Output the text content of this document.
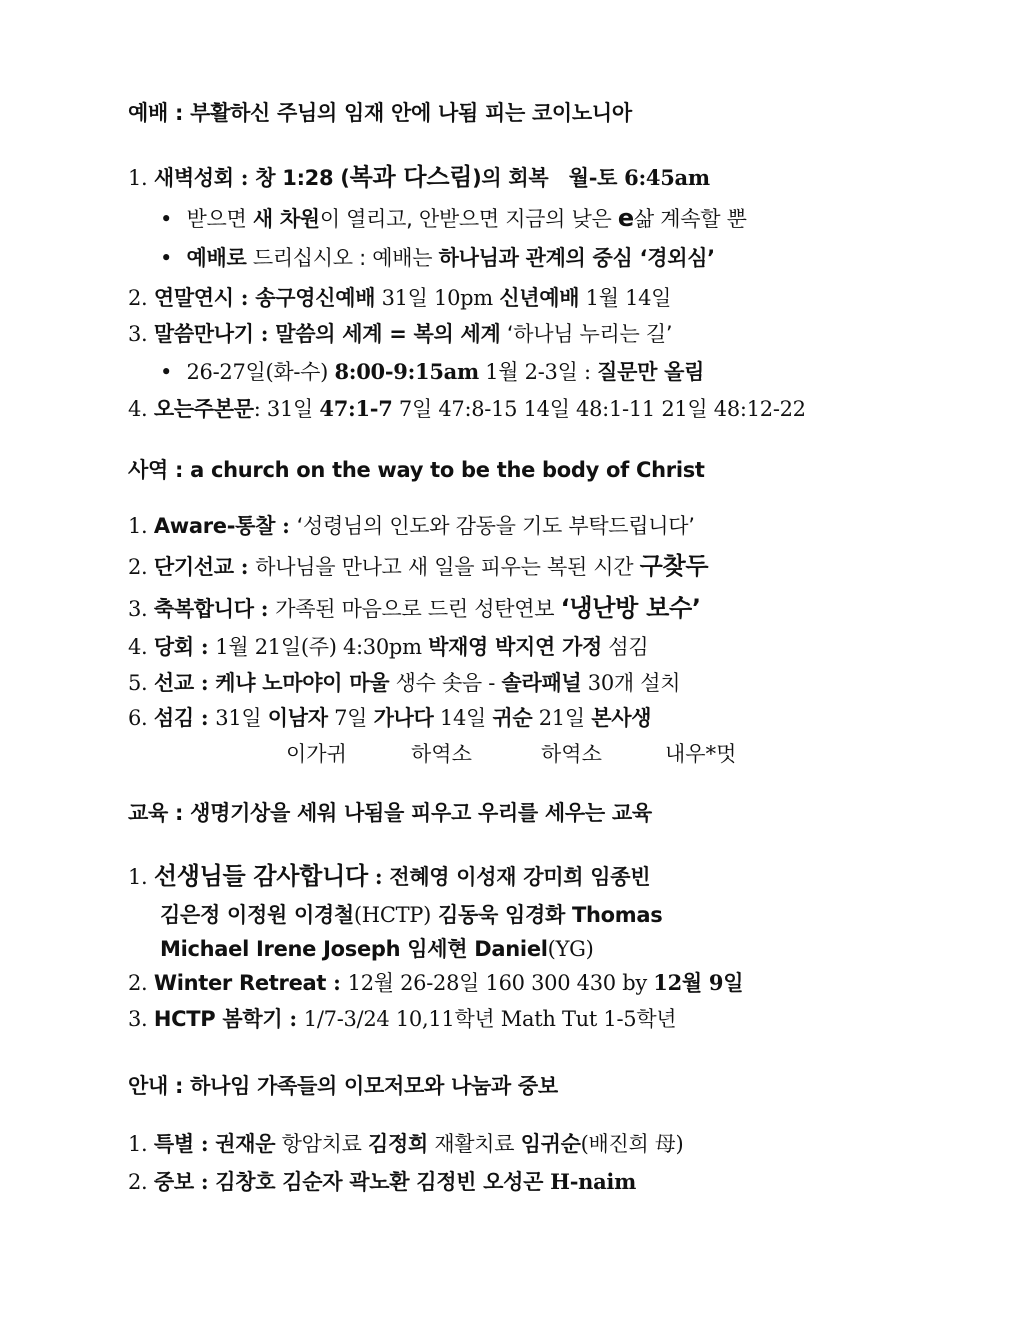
예배 : 부활하신 주님의 임재 안에 나됨 피는 코이노니아
1. 새벽성회 : 창 1:28 (복과 다스림)의 회복 월-토 6:45am
• 받으면 새 차원이 열리고, 안받으면 지금의 낮은 e삶 계속할 뿐
• 예배로 드리십시오 : 예배는 하나님과 관계의 중심 ‘경외심’
2. 연말연시 : 송구영신예배 31일 10pm 신년예배 1월 14일
3. 말씀만나기 : 말씀의 세계 = 복의 세계 ‘하나님 누리는 길’
• 26-27일(화-수) 8:00-9:15am 1월 2-3일 : 질문만 올림
4. 오는주본문: 31일 47:1-7 7일 47:8-15 14일 48:1-11 21일 48:12-22
사역 : a church on the way to be the body of Christ
1. Aware-통찰 : ‘성령님의 인도와 감동을 기도 부탁드립니다’
2. 단기선교 : 하나님을 만나고 새 일을 피우는 복된 시간 구찾두
3. 축복합니다 : 가족된 마음으로 드린 성탄연보 ‘냉난방 보수’
4. 당회 : 1월 21일(주) 4:30pm 박재영 박지연 가정 섬김
5. 선교 : 케냐 노마야이 마울 생수 솟음 - 솔라패널 30개 설치
6. 섬김 : 31일 이남자 7일 가나다 14일 귀순 21일 본사생
이가귀	하역소	하역소	내우*멋
교육 : 생명기상을 세워 나됨을 피우고 우리를 세우는 교육
1. 선생님들 감사합니다 : 전혜영 이성재 강미희 임종빈
김은정 이정원 이경철(HCTP) 김동욱 임경화 Thomas
Michael Irene Joseph 임세현 Daniel(YG)
2. Winter Retreat : 12월 26-28일 160 300 430 by 12월 9일
3. HCTP 봄학기 : 1/7-3/24 10,11학년 Math Tut 1-5학년
안내 : 하나임 가족들의 이모저모와 나눔과 중보
1. 특별 : 권재운 항암치료 김정희 재활치료 임귀순(배진희 母)
2. 중보 : 김창호 김순자 곽노환 김정빈 오성곤 H-naim
